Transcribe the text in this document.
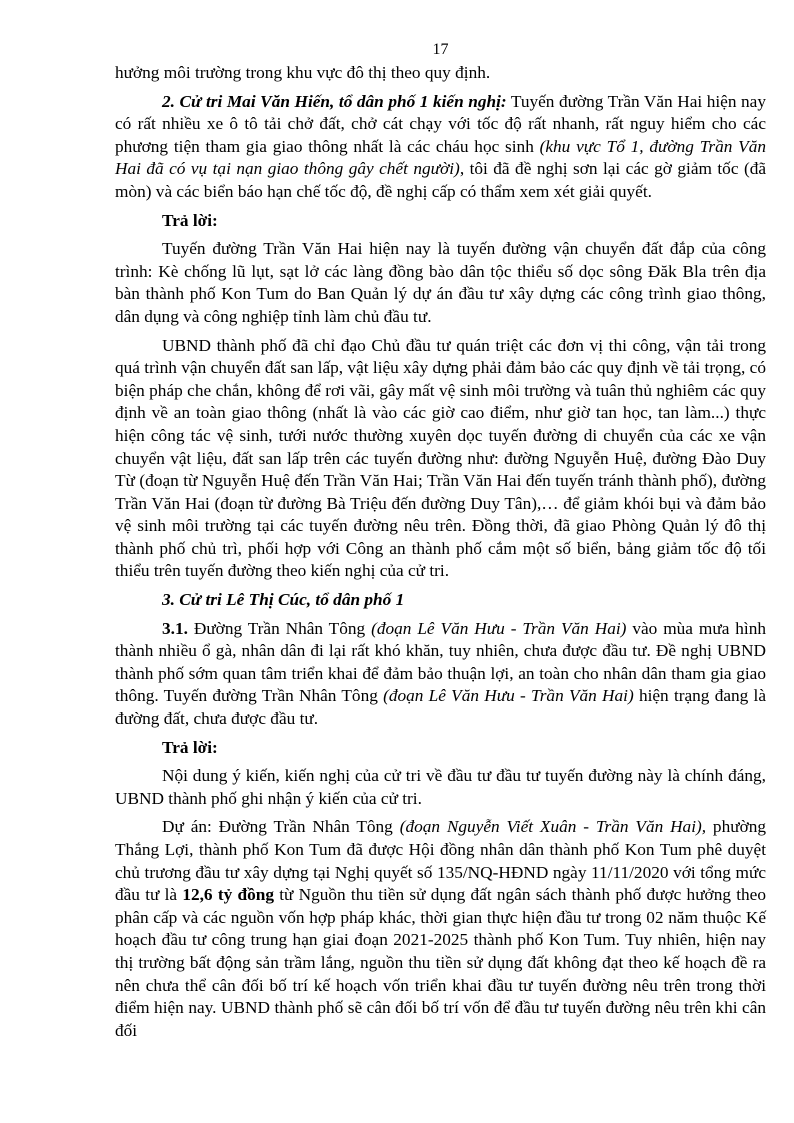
17

hưởng môi trường trong khu vực đô thị theo quy định.

2. Cử tri Mai Văn Hiến, tổ dân phố 1 kiến nghị: Tuyến đường Trần Văn Hai hiện nay có rất nhiều xe ô tô tải chở đất, chở cát chạy với tốc độ rất nhanh, rất nguy hiểm cho các phương tiện tham gia giao thông nhất là các cháu học sinh (khu vực Tổ 1, đường Trần Văn Hai đã có vụ tại nạn giao thông gây chết người), tôi đã đề nghị sơn lại các gờ giảm tốc (đã mòn) và các biển báo hạn chế tốc độ, đề nghị cấp có thẩm xem xét giải quyết.

Trả lời:

Tuyến đường Trần Văn Hai hiện nay là tuyến đường vận chuyển đất đắp của công trình: Kè chống lũ lụt, sạt lở các làng đồng bào dân tộc thiểu số dọc sông Đăk Bla trên địa bàn thành phố Kon Tum do Ban Quản lý dự án đầu tư xây dựng các công trình giao thông, dân dụng và công nghiệp tỉnh làm chủ đầu tư.

UBND thành phố đã chỉ đạo Chủ đầu tư quán triệt các đơn vị thi công, vận tải trong quá trình vận chuyển đất san lấp, vật liệu xây dựng phải đảm bảo các quy định về tải trọng, có biện pháp che chắn, không để rơi vãi, gây mất vệ sinh môi trường và tuân thủ nghiêm các quy định về an toàn giao thông (nhất là vào các giờ cao điểm, như giờ tan học, tan làm...) thực hiện công tác vệ sinh, tưới nước thường xuyên dọc tuyến đường di chuyển của các xe vận chuyển vật liệu, đất san lấp trên các tuyến đường như: đường Nguyễn Huệ, đường Đào Duy Từ (đoạn từ Nguyễn Huệ đến Trần Văn Hai; Trần Văn Hai đến tuyến tránh thành phố), đường Trần Văn Hai (đoạn từ đường Bà Triệu đến đường Duy Tân),… để giảm khói bụi và đảm bảo vệ sinh môi trường tại các tuyến đường nêu trên. Đồng thời, đã giao Phòng Quản lý đô thị thành phố chủ trì, phối hợp với Công an thành phố cắm một số biển, bảng giảm tốc độ tối thiểu trên tuyến đường theo kiến nghị của cử tri.

3. Cử tri Lê Thị Cúc, tổ dân phố 1

3.1. Đường Trần Nhân Tông (đoạn Lê Văn Hưu - Trần Văn Hai) vào mùa mưa hình thành nhiều ổ gà, nhân dân đi lại rất khó khăn, tuy nhiên, chưa được đầu tư. Đề nghị UBND thành phố sớm quan tâm triển khai để đảm bảo thuận lợi, an toàn cho nhân dân tham gia giao thông. Tuyến đường Trần Nhân Tông (đoạn Lê Văn Hưu - Trần Văn Hai) hiện trạng đang là đường đất, chưa được đầu tư.

Trả lời:

Nội dung ý kiến, kiến nghị của cử tri về đầu tư đầu tư tuyến đường này là chính đáng, UBND thành phố ghi nhận ý kiến của cử tri.

Dự án: Đường Trần Nhân Tông (đoạn Nguyễn Viết Xuân - Trần Văn Hai), phường Thắng Lợi, thành phố Kon Tum đã được Hội đồng nhân dân thành phố Kon Tum phê duyệt chủ trương đầu tư xây dựng tại Nghị quyết số 135/NQ-HĐND ngày 11/11/2020 với tổng mức đầu tư là 12,6 tỷ đồng từ Nguồn thu tiền sử dụng đất ngân sách thành phố được hưởng theo phân cấp và các nguồn vốn hợp pháp khác, thời gian thực hiện đầu tư trong 02 năm thuộc Kế hoạch đầu tư công trung hạn giai đoạn 2021-2025 thành phố Kon Tum. Tuy nhiên, hiện nay thị trường bất động sản trầm lắng, nguồn thu tiền sử dụng đất không đạt theo kế hoạch đề ra nên chưa thể cân đối bố trí kế hoạch vốn triển khai đầu tư tuyến đường nêu trên trong thời điểm hiện nay. UBND thành phố sẽ cân đối bố trí vốn để đầu tư tuyến đường nêu trên khi cân đối
